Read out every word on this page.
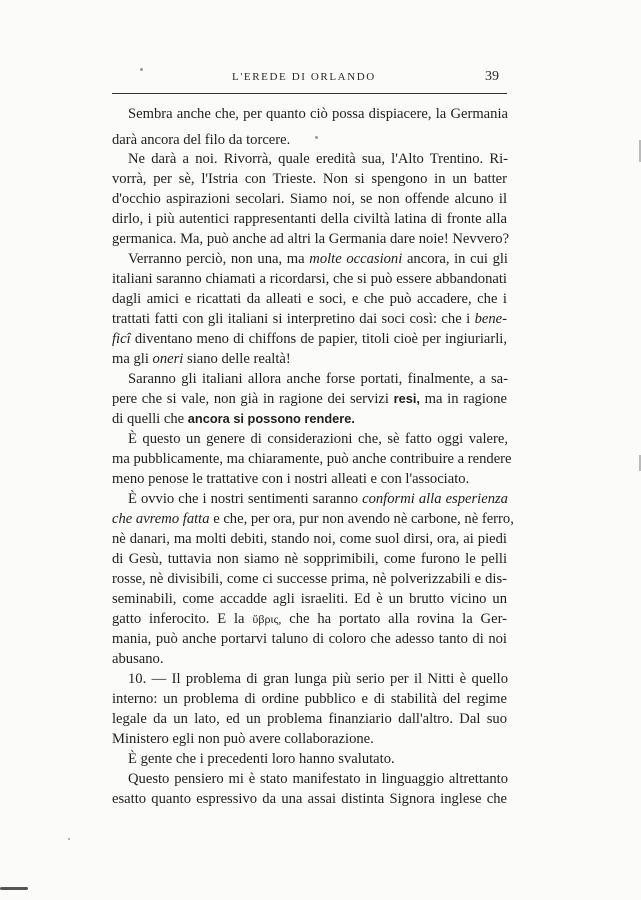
L'EREDE DI ORLANDO	39
Sembra anche che, per quanto ciò possa dispiacere, la Germania
darà ancora del filo da torcere.
Ne darà a noi. Rivorrà, quale eredità sua, l'Alto Trentino. Ri-
vorrà, per sè, l'Istria con Trieste. Non si spengono in un batter
d'occhio aspirazioni secolari. Siamo noi, se non offende alcuno il
dirlo, i più autentici rappresentanti della civiltà latina di fronte alla
germanica. Ma, può anche ad altri la Germania dare noie! Nevvero?
Verranno perciò, non una, ma molte occasioni ancora, in cui gli
italiani saranno chiamati a ricordarsi, che si può essere abbandonati
dagli amici e ricattati da alleati e soci, e che può accadere, che i
trattati fatti con gli italiani si interpretino dai soci così: che i bene-
ficî diventano meno di chiffons de papier, titoli cioè per ingiuriarli,
ma gli oneri siano delle realtà!
Saranno gli italiani allora anche forse portati, finalmente, a sa-
pere che si vale, non già in ragione dei servizi resi, ma in ragione
di quelli che ancora si possono rendere.
È questo un genere di considerazioni che, sè fatto oggi valere,
ma pubblicamente, ma chiaramente, può anche contribuire a rendere
meno penose le trattative con i nostri alleati e con l'associato.
È ovvio che i nostri sentimenti saranno conformi alla esperienza
che avremo fatta e che, per ora, pur non avendo nè carbone, nè ferro,
nè danari, ma molti debiti, stando noi, come suol dirsi, ora, ai piedi
di Gesù, tuttavia non siamo nè sopprimibili, come furono le pelli
rosse, nè divisibili, come ci successe prima, nè polverizzabili e dis-
seminabili, come accadde agli israeliti. Ed è un brutto vicino un
gatto inferocito. E la ὕβρις, che ha portato alla rovina la Ger-
mania, può anche portarvi taluno di coloro che adesso tanto di noi
abusano.
10. — Il problema di gran lunga più serio per il Nitti è quello
interno: un problema di ordine pubblico e di stabilità del regime
legale da un lato, ed un problema finanziario dall'altro. Dal suo
Ministero egli non può avere collaborazione.
È gente che i precedenti loro hanno svalutato.
Questo pensiero mi è stato manifestato in linguaggio altrettanto
esatto quanto espressivo da una assai distinta Signora inglese che
